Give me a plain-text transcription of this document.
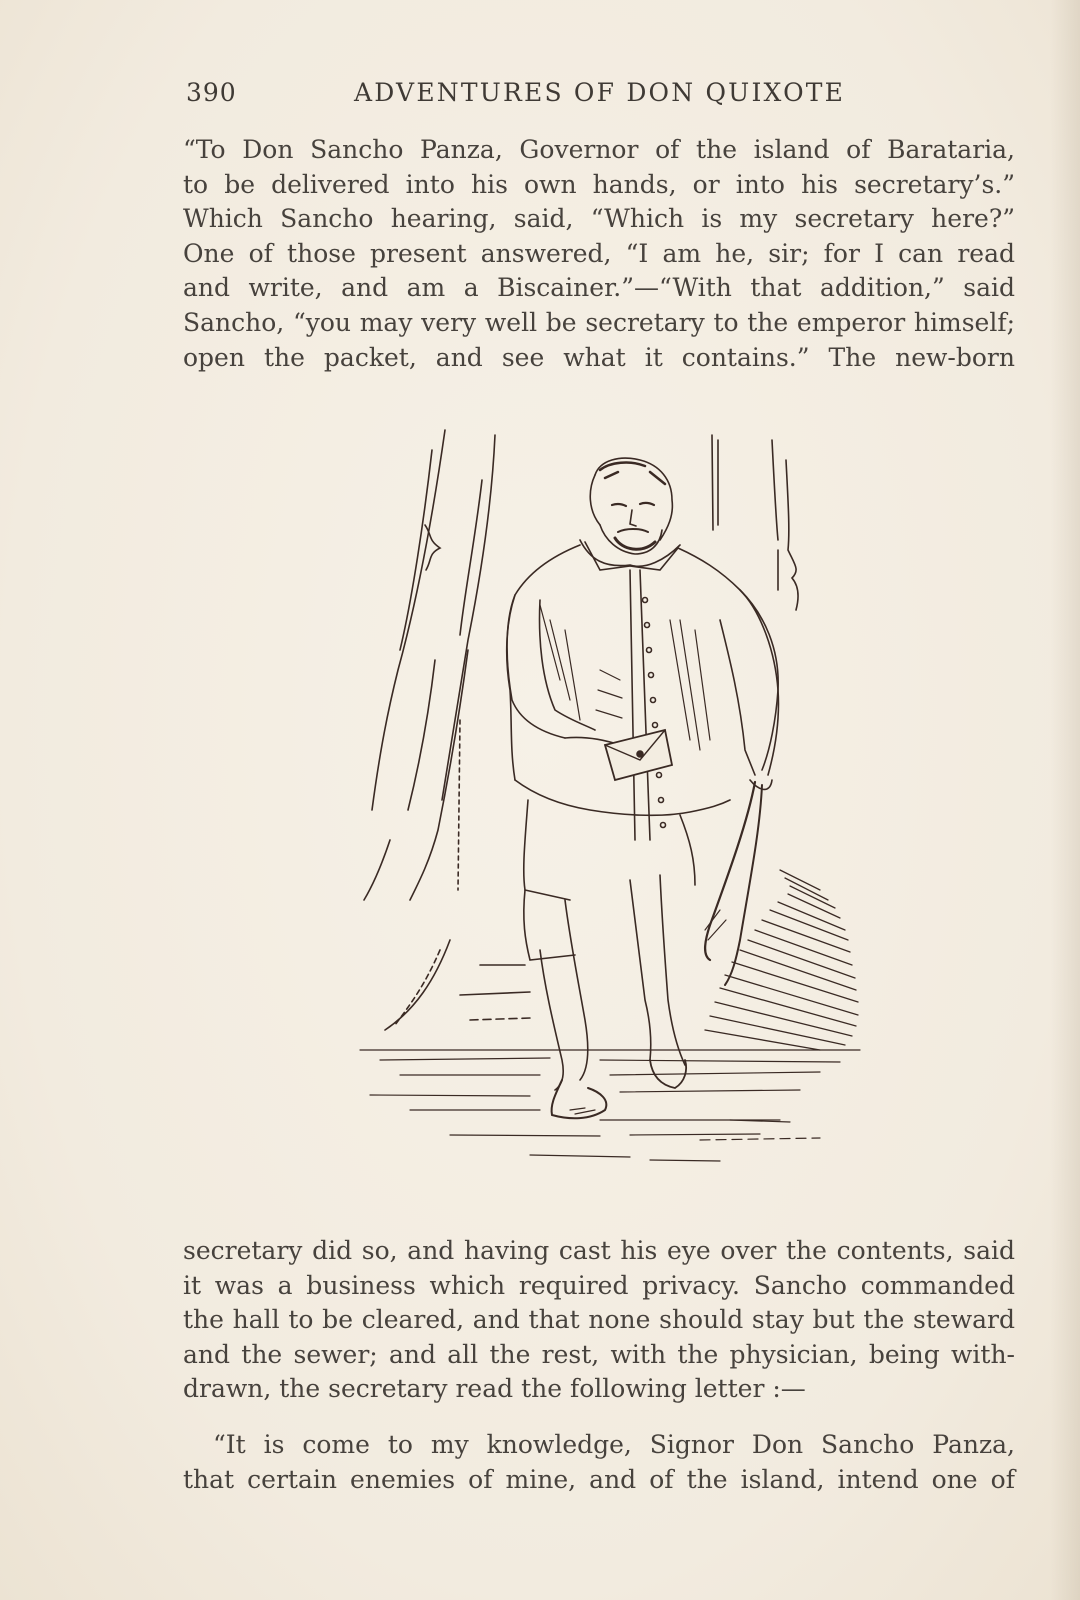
390	ADVENTURES OF DON QUIXOTE
“To Don Sancho Panza, Governor of the island of Barataria,
to be delivered into his own hands, or into his secretary’s.”
Which Sancho hearing, said, “Which is my secretary here?”
One of those present answered, “I am he, sir; for I can read
and write, and am a Biscainer.”—“With that addition,” said
Sancho, “you may very well be secretary to the emperor himself;
open the packet, and see what it contains.” The new-born
secretary did so, and having cast his eye over the contents, said
it was a business which required privacy. Sancho commanded
the hall to be cleared, and that none should stay but the steward
and the sewer; and all the rest, with the physician, being with-
drawn, the secretary read the following letter :—
“It is come to my knowledge, Signor Don Sancho Panza,
that certain enemies of mine, and of the island, intend one of
